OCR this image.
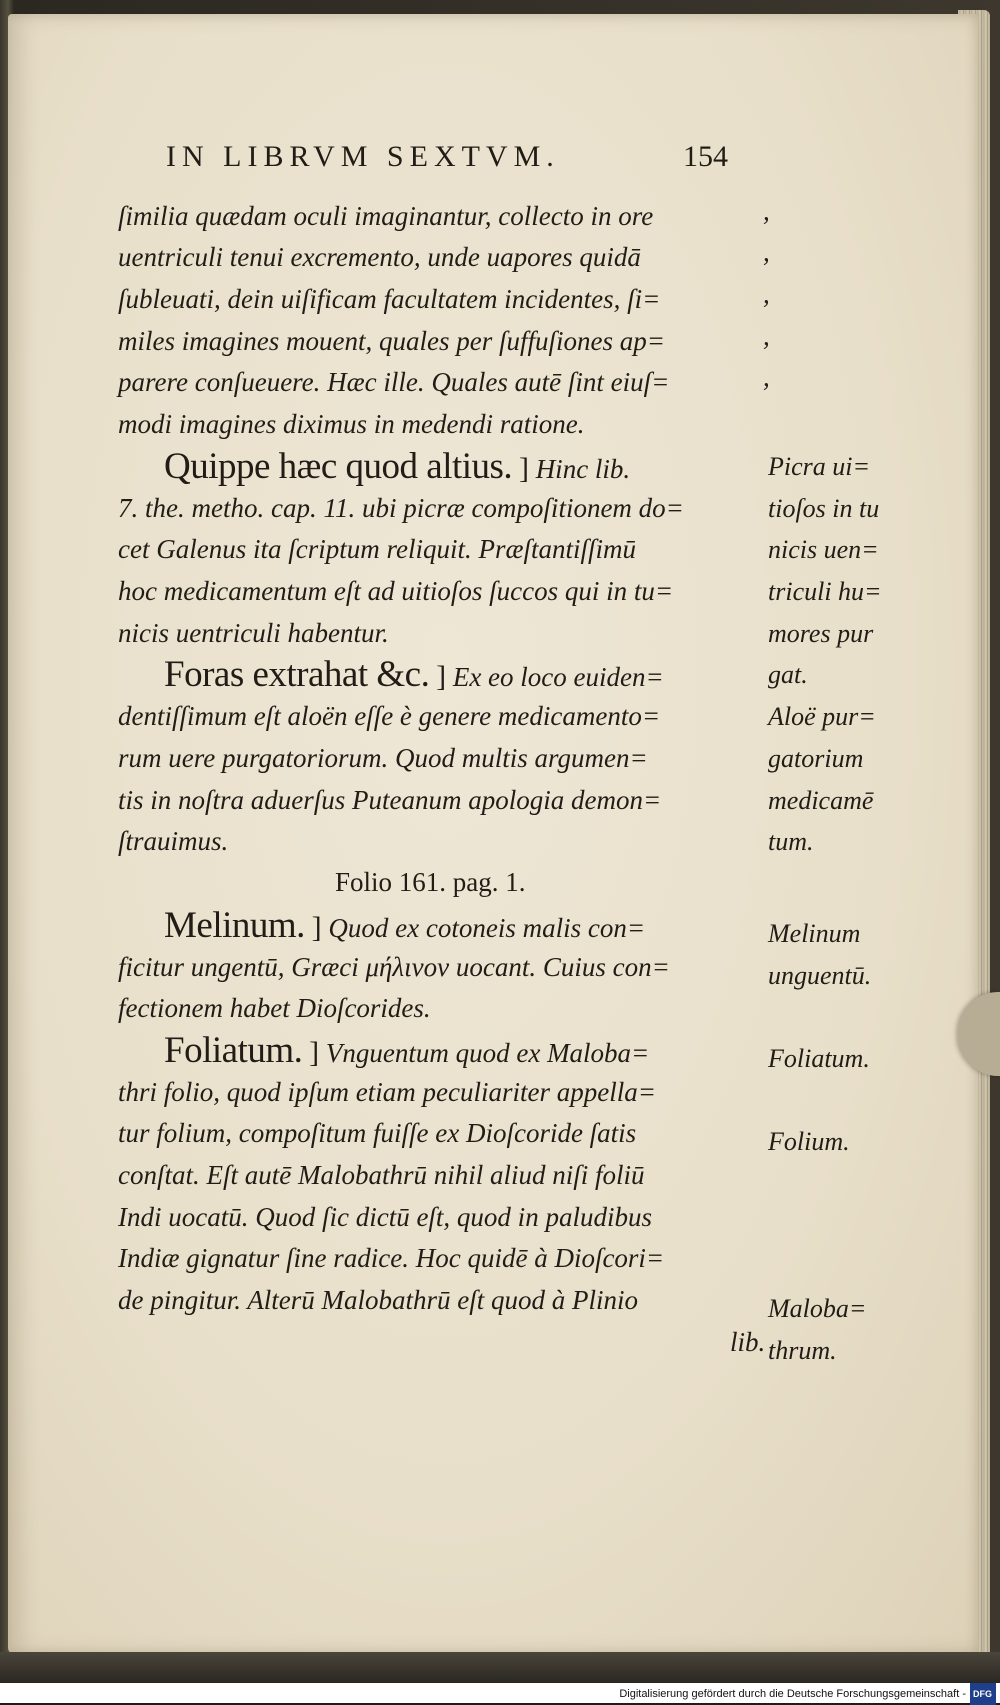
IN LIBRVM SEXTVM.	154
ſimilia quædam oculi imaginantur, collecto in ore
uentriculi tenui excremento, unde uapores quidā
ſubleuati, dein uiſificam facultatem incidentes, ſi=
miles imagines mouent, quales per ſuffuſiones ap=
parere conſueuere. Hæc ille. Quales autē ſint eiuſ=
modi imagines diximus in medendi ratione.
Quippe hæc quod altius. ] Hinc lib.
7. the. metho. cap. 11. ubi picræ compoſitionem do=
cet Galenus ita ſcriptum reliquit. Præſtantiſſimū
hoc medicamentum eſt ad uitioſos ſuccos qui in tu=
nicis uentriculi habentur.
Foras extrahat &c. ] Ex eo loco euiden=
dentiſſimum eſt aloën eſſe è genere medicamento=
rum uere purgatoriorum. Quod multis argumen=
tis in noſtra aduerſus Puteanum apologia demon=
ſtrauimus.
Folio 161. pag. 1.
Melinum. ] Quod ex cotoneis malis con=
ficitur ungentū, Græci μήλινον uocant. Cuius con=
fectionem habet Dioſcorides.
Foliatum. ] Vnguentum quod ex Maloba=
thri folio, quod ipſum etiam peculiariter appella=
tur folium, compoſitum fuiſſe ex Dioſcoride ſatis
conſtat. Eſt autē Malobathrū nihil aliud niſi foliū
Indi uocatū. Quod ſic dictū eſt, quod in paludibus
Indiæ gignatur ſine radice. Hoc quidē à Dioſcori=
de pingitur. Alterū Malobathrū eſt quod à Plinio
lib.
,
,
,
,
,
Picra ui=
tioſos in tu
nicis uen=
triculi hu=
mores pur
gat.
Aloë pur=
gatorium
medicamē
tum.
Melinum
unguentū.
Foliatum.
Folium.
Maloba=
thrum.
Digitalisierung gefördert durch die Deutsche Forschungsgemeinschaft - DFG
